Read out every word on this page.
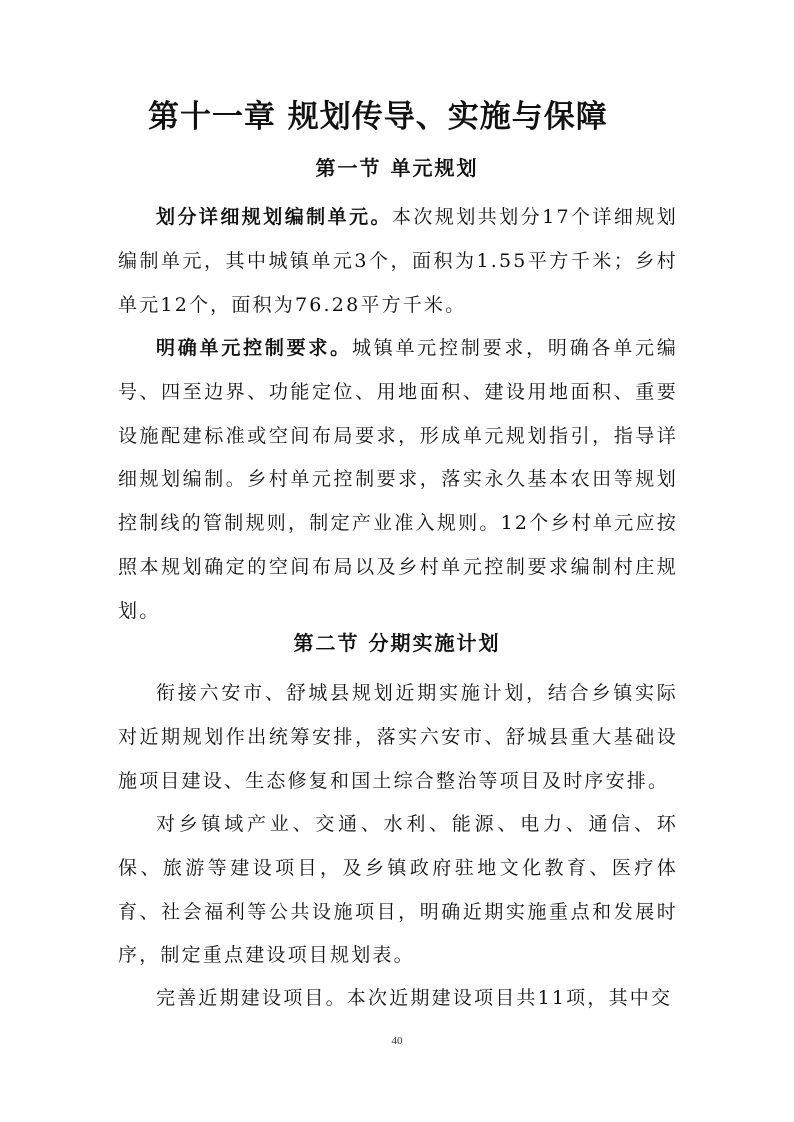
第十一章 规划传导、实施与保障
第一节 单元规划

划分详细规划编制单元。本次规划共划分17个详细规划编制单元，其中城镇单元3个，面积为1.55平方千米；乡村单元12个，面积为76.28平方千米。

明确单元控制要求。城镇单元控制要求，明确各单元编号、四至边界、功能定位、用地面积、建设用地面积、重要设施配建标准或空间布局要求，形成单元规划指引，指导详细规划编制。乡村单元控制要求，落实永久基本农田等规划控制线的管制规则，制定产业准入规则。12个乡村单元应按照本规划确定的空间布局以及乡村单元控制要求编制村庄规划。

第二节 分期实施计划

衔接六安市、舒城县规划近期实施计划，结合乡镇实际对近期规划作出统筹安排，落实六安市、舒城县重大基础设施项目建设、生态修复和国土综合整治等项目及时序安排。

对乡镇域产业、交通、水利、能源、电力、通信、环保、旅游等建设项目，及乡镇政府驻地文化教育、医疗体育、社会福利等公共设施项目，明确近期实施重点和发展时序，制定重点建设项目规划表。

完善近期建设项目。本次近期建设项目共11项，其中交

40
